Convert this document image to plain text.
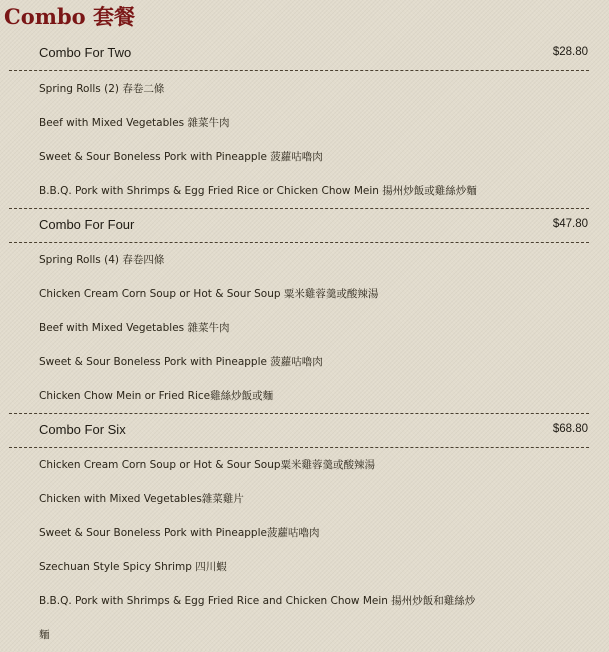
Combo 套餐
Combo For Two	$28.80
Spring Rolls (2) 春卷二條
Beef with Mixed Vegetables 雜菜牛肉
Sweet & Sour Boneless Pork with Pineapple 菠蘿咕嚕肉
B.B.Q. Pork with Shrimps & Egg Fried Rice or Chicken Chow Mein 揚州炒飯或雞絲炒麵
Combo For Four	$47.80
Spring Rolls (4) 春卷四條
Chicken Cream Corn Soup or Hot & Sour Soup 粟米雞蓉羹或酸辣湯
Beef with Mixed Vegetables 雜菜牛肉
Sweet & Sour Boneless Pork with Pineapple 菠蘿咕嚕肉
Chicken Chow Mein or Fried Rice雞絲炒飯或麵
Combo For Six	$68.80
Chicken Cream Corn Soup or Hot & Sour Soup粟米雞蓉羹或酸辣湯
Chicken with Mixed Vegetables雜菜雞片
Sweet & Sour Boneless Pork with Pineapple菠蘿咕嚕肉
Szechuan Style Spicy Shrimp 四川蝦
B.B.Q. Pork with Shrimps & Egg Fried Rice and Chicken Chow Mein 揚州炒飯和雞絲炒
麵
